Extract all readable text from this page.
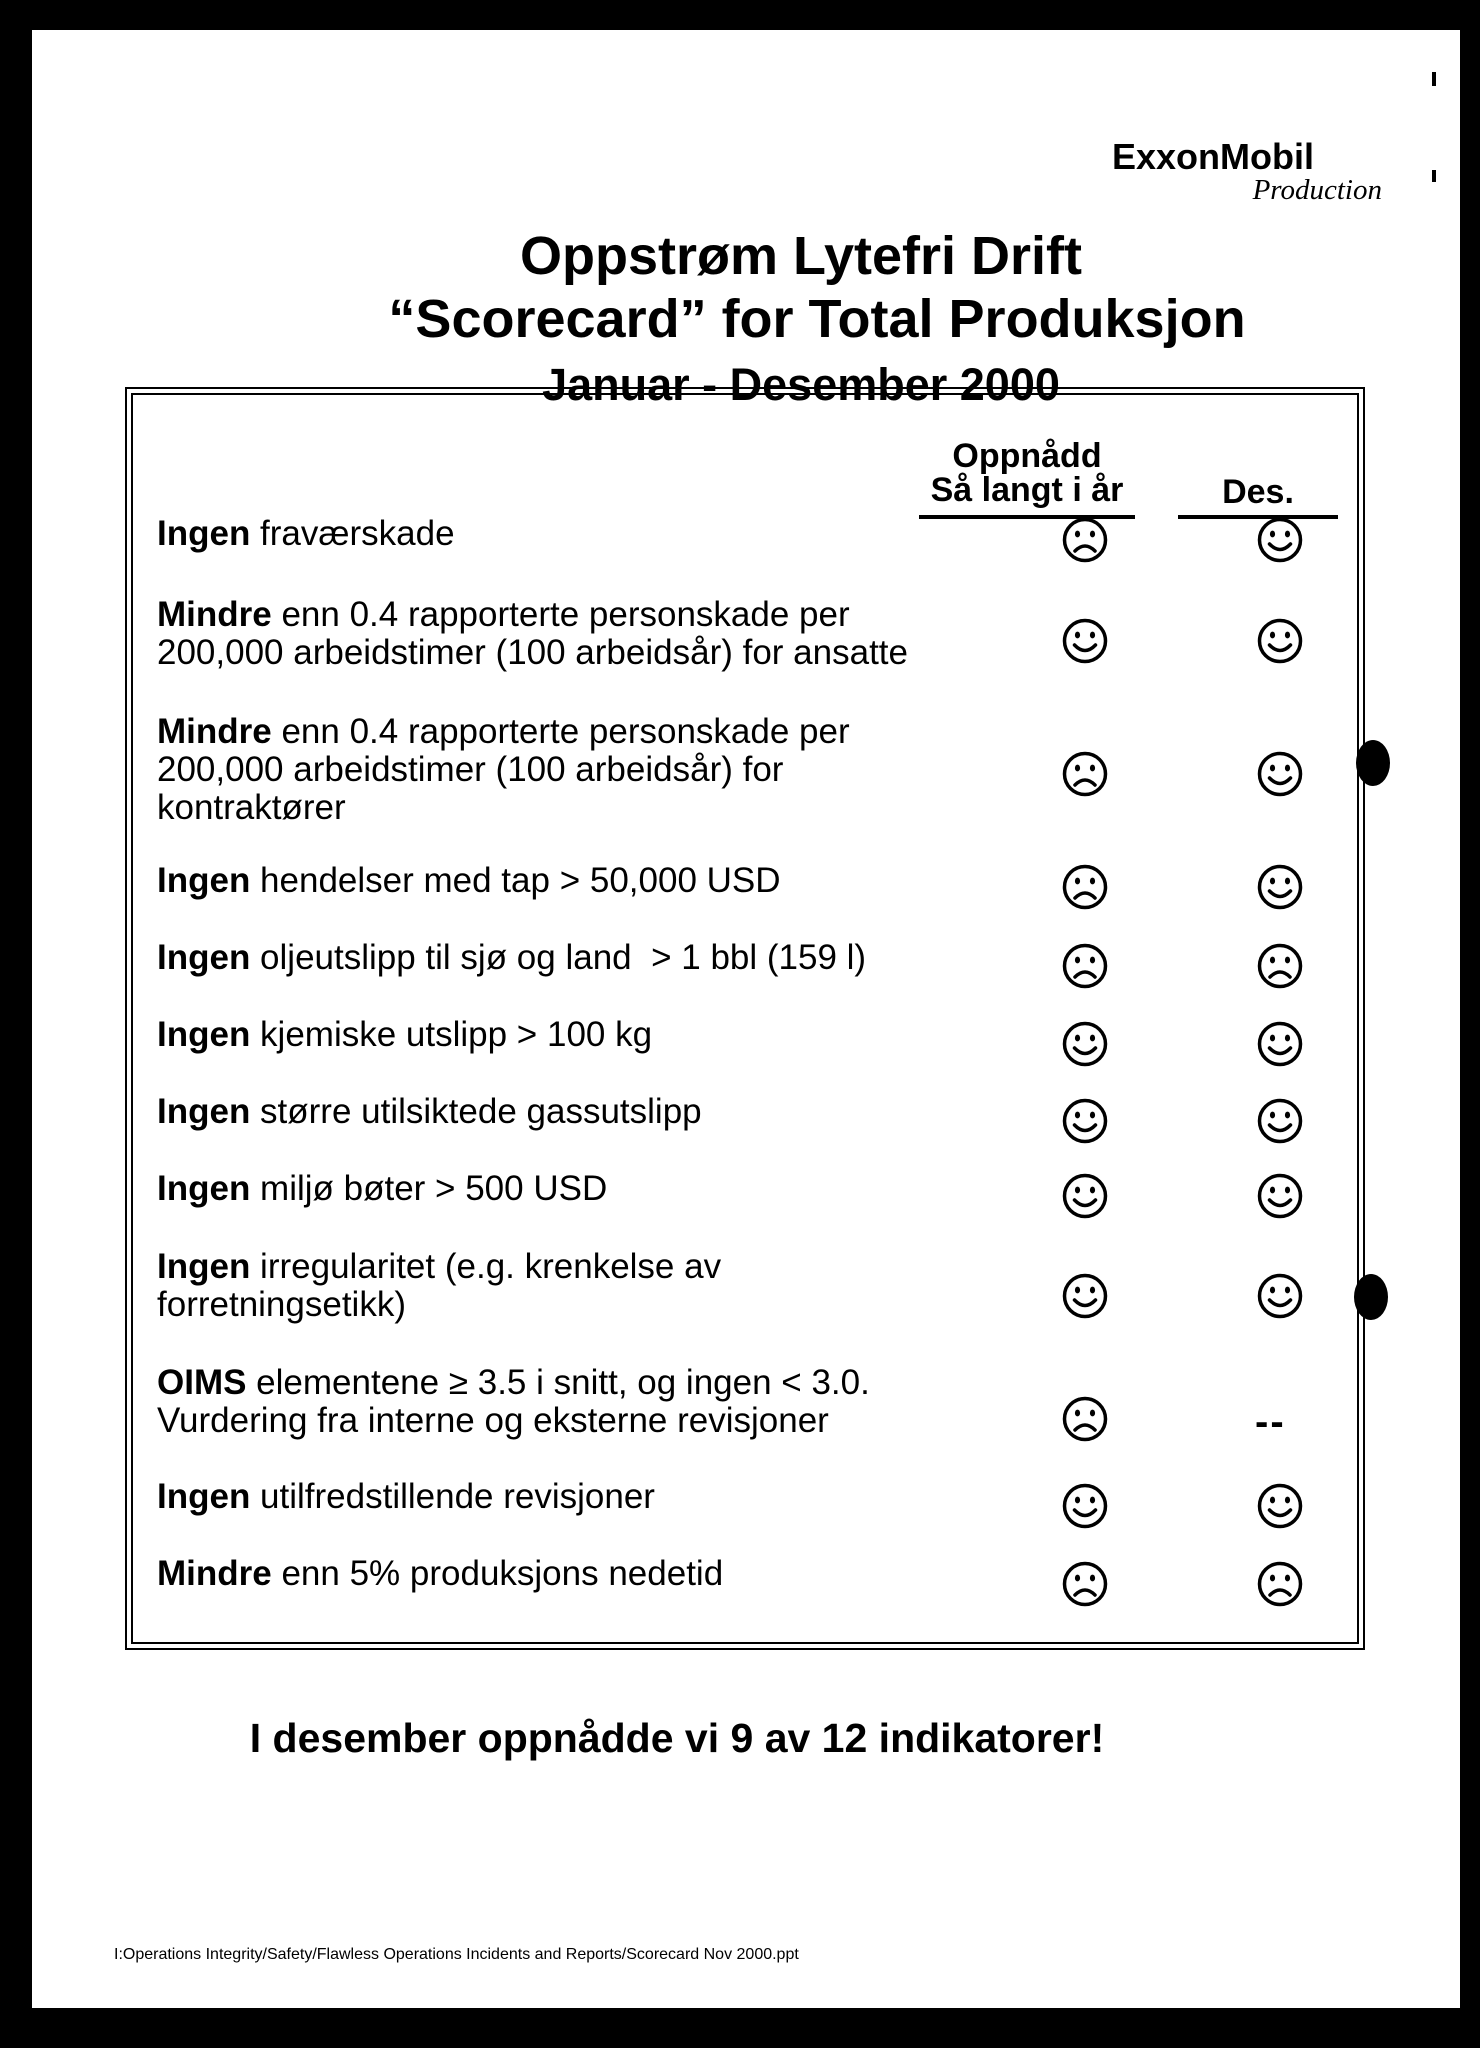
ExxonMobil
Production
Oppstrøm Lytefri Drift
“Scorecard” for Total Produksjon
Januar - Desember 2000
Oppnådd
Så langt i år	Des.
Ingen fraværskade
Mindre enn 0.4 rapporterte personskade per
200,000 arbeidstimer (100 arbeidsår) for ansatte
Mindre enn 0.4 rapporterte personskade per
200,000 arbeidstimer (100 arbeidsår) for
kontraktører
Ingen hendelser med tap > 50,000 USD
Ingen oljeutslipp til sjø og land  > 1 bbl (159 l)
Ingen kjemiske utslipp > 100 kg
Ingen større utilsiktede gassutslipp
Ingen miljø bøter > 500 USD
Ingen irregularitet (e.g. krenkelse av
forretningsetikk)
OIMS elementene ≥ 3.5 i snitt, og ingen < 3.0.
Vurdering fra interne og eksterne revisjoner	--
Ingen utilfredstillende revisjoner
Mindre enn 5% produksjons nedetid
I desember oppnådde vi 9 av 12 indikatorer!
I:Operations Integrity/Safety/Flawless Operations Incidents and Reports/Scorecard Nov 2000.ppt
